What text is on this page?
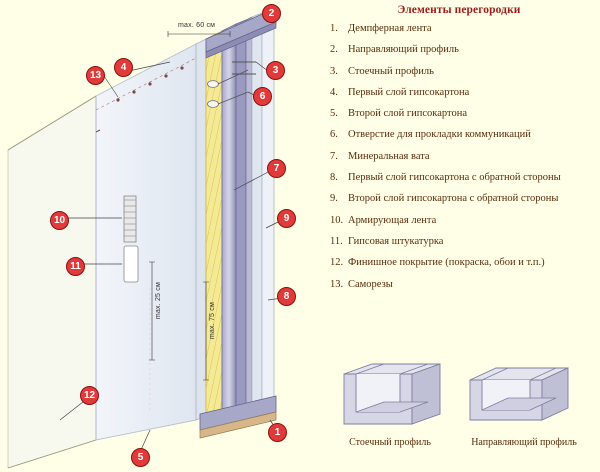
max. 60 см
max. 25 см
max. 75 см
1
2
3
4
5
6
7
8
9
10
11
12
13
Элементы перегородки
1. Демпферная лента
2. Направляющий профиль
3. Стоечный профиль
4. Первый слой гипсокартона
5. Второй слой гипсокартона
6. Отверстие для прокладки коммуникаций
7. Минеральная вата
8. Первый слой гипсокартона с обратной стороны
9. Второй слой гипсокартона с обратной стороны
10. Армирующая лента
11. Гипсовая штукатурка
12. Финишное покрытие (покраска, обои и т.п.)
13. Саморезы
Стоечный профиль	Направляющий профиль
